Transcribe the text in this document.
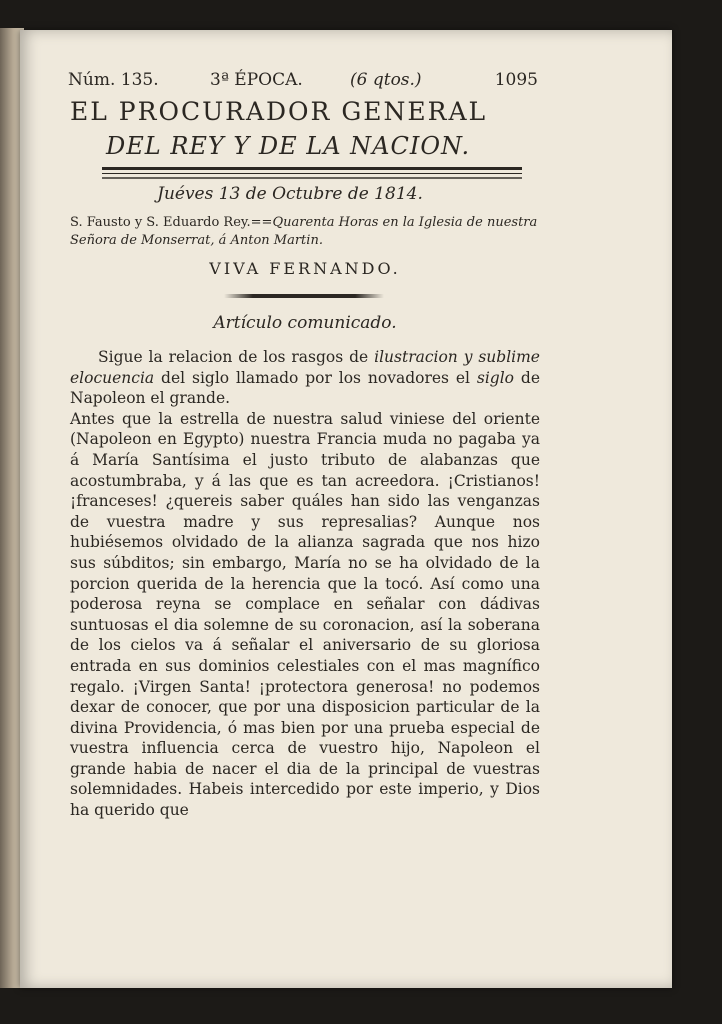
Núm. 135.	3ª ÉPOCA.	(6 qtos.)	1095
EL PROCURADOR GENERAL
DEL REY Y DE LA NACION.
Juéves 13 de Octubre de 1814.
S. Fausto y S. Eduardo Rey.==Quarenta Horas en la Iglesia de nuestra Señora de Monserrat, á Anton Martin.
VIVA FERNANDO.
Artículo comunicado.

Sigue la relacion de los rasgos de ilustracion y sublime elocuencia del siglo llamado por los novadores el siglo de Napoleon el grande.

Antes que la estrella de nuestra salud viniese del oriente (Napoleon en Egypto) nuestra Francia muda no pagaba ya á María Santísima el justo tributo de alabanzas que acostumbraba, y á las que es tan acreedora. ¡Cristianos! ¡franceses! ¿quereis saber quáles han sido las venganzas de vuestra madre y sus represalias? Aunque nos hubiésemos olvidado de la alianza sagrada que nos hizo sus súbditos; sin embargo, María no se ha olvidado de la porcion querida de la herencia que la tocó. Así como una poderosa reyna se complace en señalar con dádivas suntuosas el dia solemne de su coronacion, así la soberana de los cielos va á señalar el aniversario de su gloriosa entrada en sus dominios celestiales con el mas magnífico regalo. ¡Virgen Santa! ¡protectora generosa! no podemos dexar de conocer, que por una disposicion particular de la divina Providencia, ó mas bien por una prueba especial de vuestra influencia cerca de vuestro hijo, Napoleon el grande habia de nacer el dia de la principal de vuestras solemnidades. Habeis intercedido por este imperio, y Dios ha querido que
